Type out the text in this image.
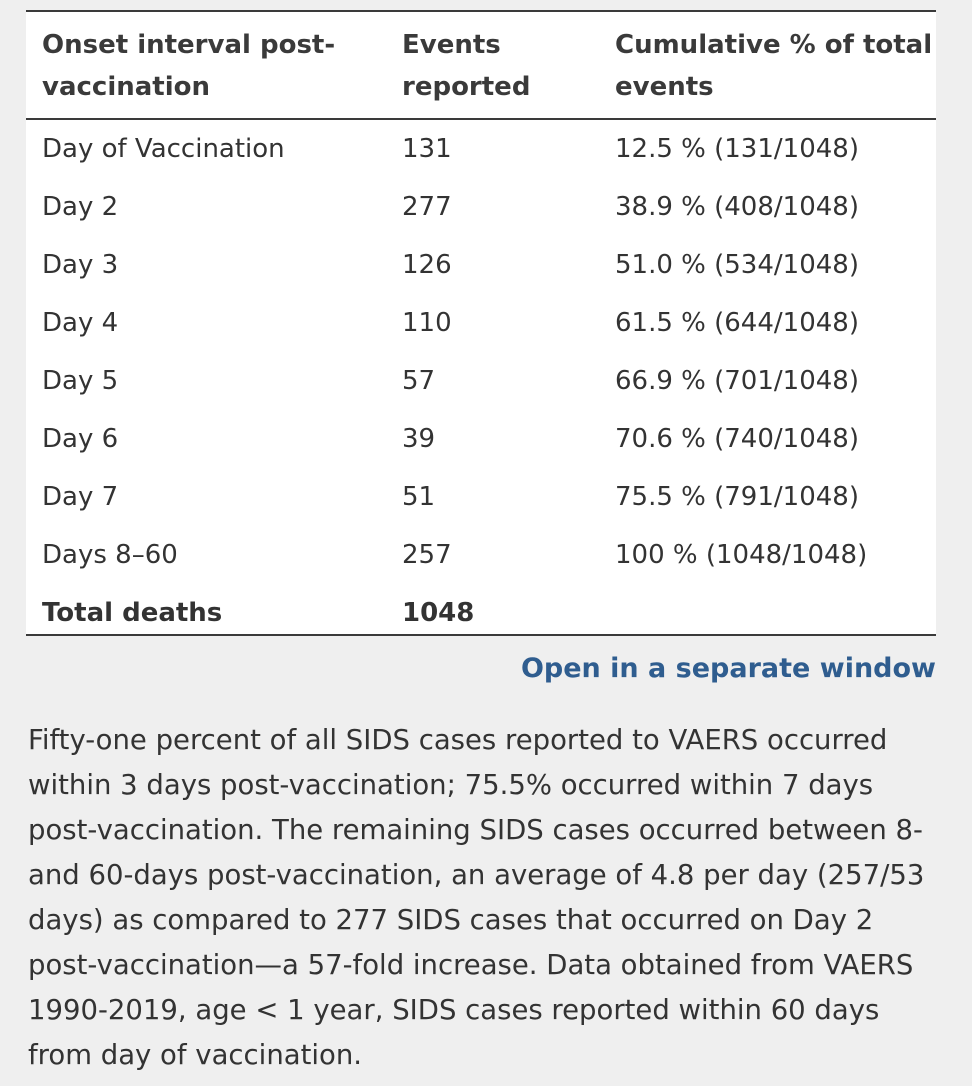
Onset interval post-vaccination	Events reported	Cumulative % of total events
Day of Vaccination	131	12.5 % (131/1048)
Day 2	277	38.9 % (408/1048)
Day 3	126	51.0 % (534/1048)
Day 4	110	61.5 % (644/1048)
Day 5	57	66.9 % (701/1048)
Day 6	39	70.6 % (740/1048)
Day 7	51	75.5 % (791/1048)
Days 8–60	257	100 % (1048/1048)
Total deaths	1048	
Open in a separate window

Fifty-one percent of all SIDS cases reported to VAERS occurred within 3 days post-vaccination; 75.5% occurred within 7 days post-vaccination. The remaining SIDS cases occurred between 8- and 60-days post-vaccination, an average of 4.8 per day (257/53 days) as compared to 277 SIDS cases that occurred on Day 2 post-vaccination—a 57-fold increase. Data obtained from VAERS 1990-2019, age < 1 year, SIDS cases reported within 60 days from day of vaccination.
